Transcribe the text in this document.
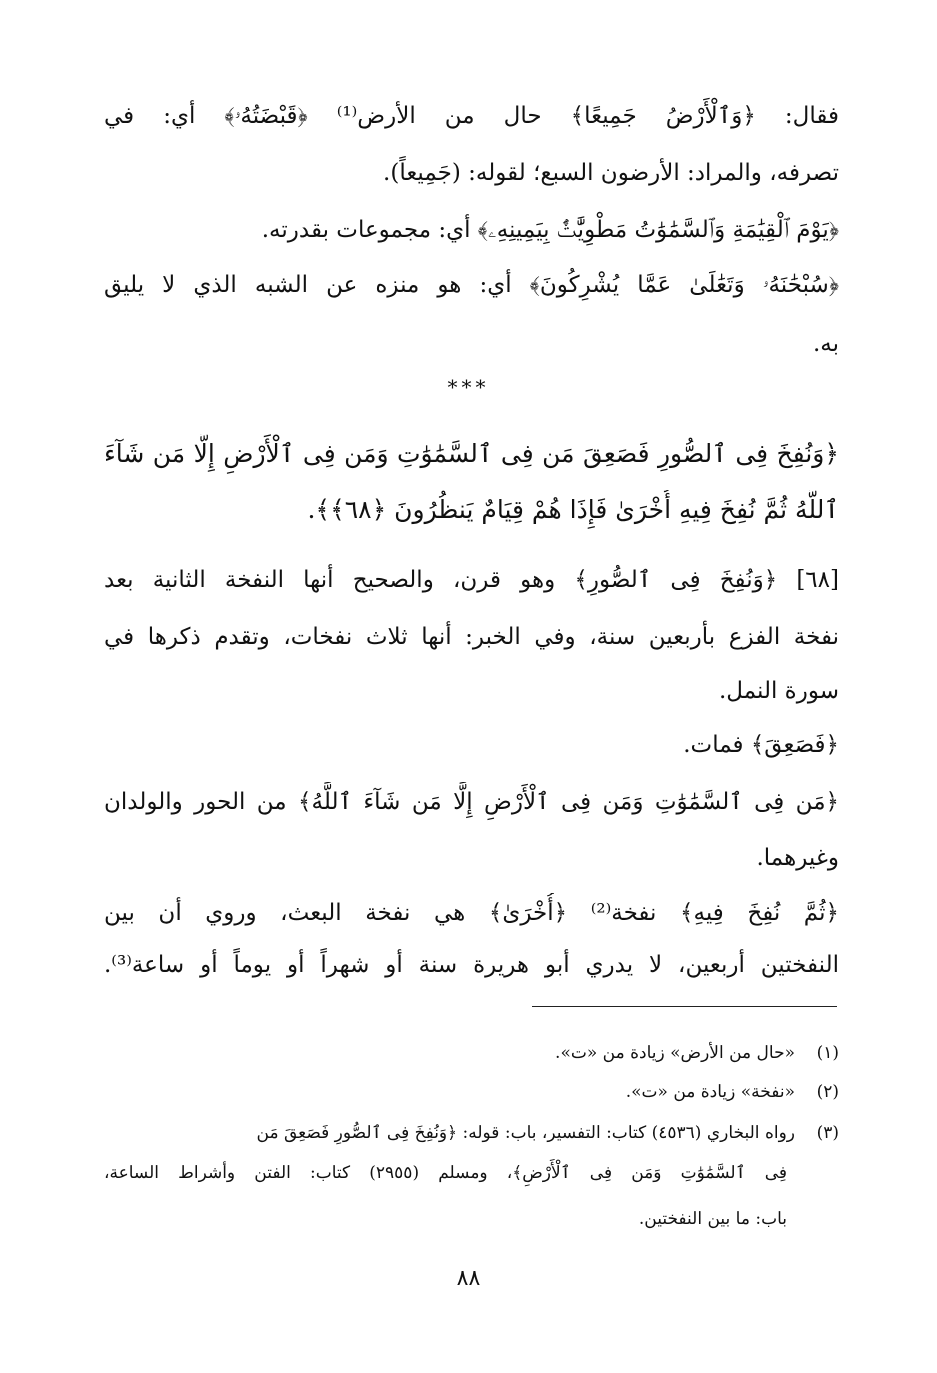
فقال: ﴿وَٱلْأَرْضُ جَمِيعًا﴾ حال من الأرض⁽¹⁾ ﴿قَبْضَتُهُۥ﴾ أي: في
تصرفه، والمراد: الأرضون السبع؛ لقوله: (جَمِيعاً).
﴿يَوْمَ ٱلْقِيَٰمَةِ وَٱلسَّمَٰوَٰتُ مَطْوِيَّٰتٌۢ بِيَمِينِهِۦ﴾ أي: مجموعات بقدرته.
﴿سُبْحَٰنَهُۥ وَتَعَٰلَىٰ عَمَّا يُشْرِكُونَ﴾ أي: هو منزه عن الشبه الذي لا يليق
به.
***
﴿وَنُفِخَ فِى ٱلصُّورِ فَصَعِقَ مَن فِى ٱلسَّمَٰوَٰتِ وَمَن فِى ٱلْأَرْضِ إِلَّا مَن شَآءَ
ٱللَّهُ ثُمَّ نُفِخَ فِيهِ أُخْرَىٰ فَإِذَا هُمْ قِيَامٌ يَنظُرُونَ ﴿٦٨﴾﴾.
[٦٨] ﴿وَنُفِخَ فِى ٱلصُّورِ﴾ وهو قرن، والصحيح أنها النفخة الثانية بعد
نفخة الفزع بأربعين سنة، وفي الخبر: أنها ثلاث نفخات، وتقدم ذكرها في
سورة النمل.
﴿فَصَعِقَ﴾ فمات.
﴿مَن فِى ٱلسَّمَٰوَٰتِ وَمَن فِى ٱلْأَرْضِ إِلَّا مَن شَآءَ ٱللَّهُ﴾ من الحور والولدان
وغيرهما.
﴿ثُمَّ نُفِخَ فِيهِ﴾ نفخة⁽²⁾ ﴿أُخْرَىٰ﴾ هي نفخة البعث، وروي أن بين
النفختين أربعين، لا يدري أبو هريرة سنة أو شهراً أو يوماً أو ساعة⁽³⁾.
(١)«حال من الأرض» زيادة من «ت».
(٢)«نفخة» زيادة من «ت».
(٣)رواه البخاري (٤٥٣٦) كتاب: التفسير، باب: قوله: ﴿وَنُفِخَ فِى ٱلصُّورِ فَصَعِقَ مَن
فِى ٱلسَّمَٰوَٰتِ وَمَن فِى ٱلْأَرْضِ﴾، ومسلم (٢٩٥٥) كتاب: الفتن وأشراط الساعة،
باب: ما بين النفختين.
٨٨
